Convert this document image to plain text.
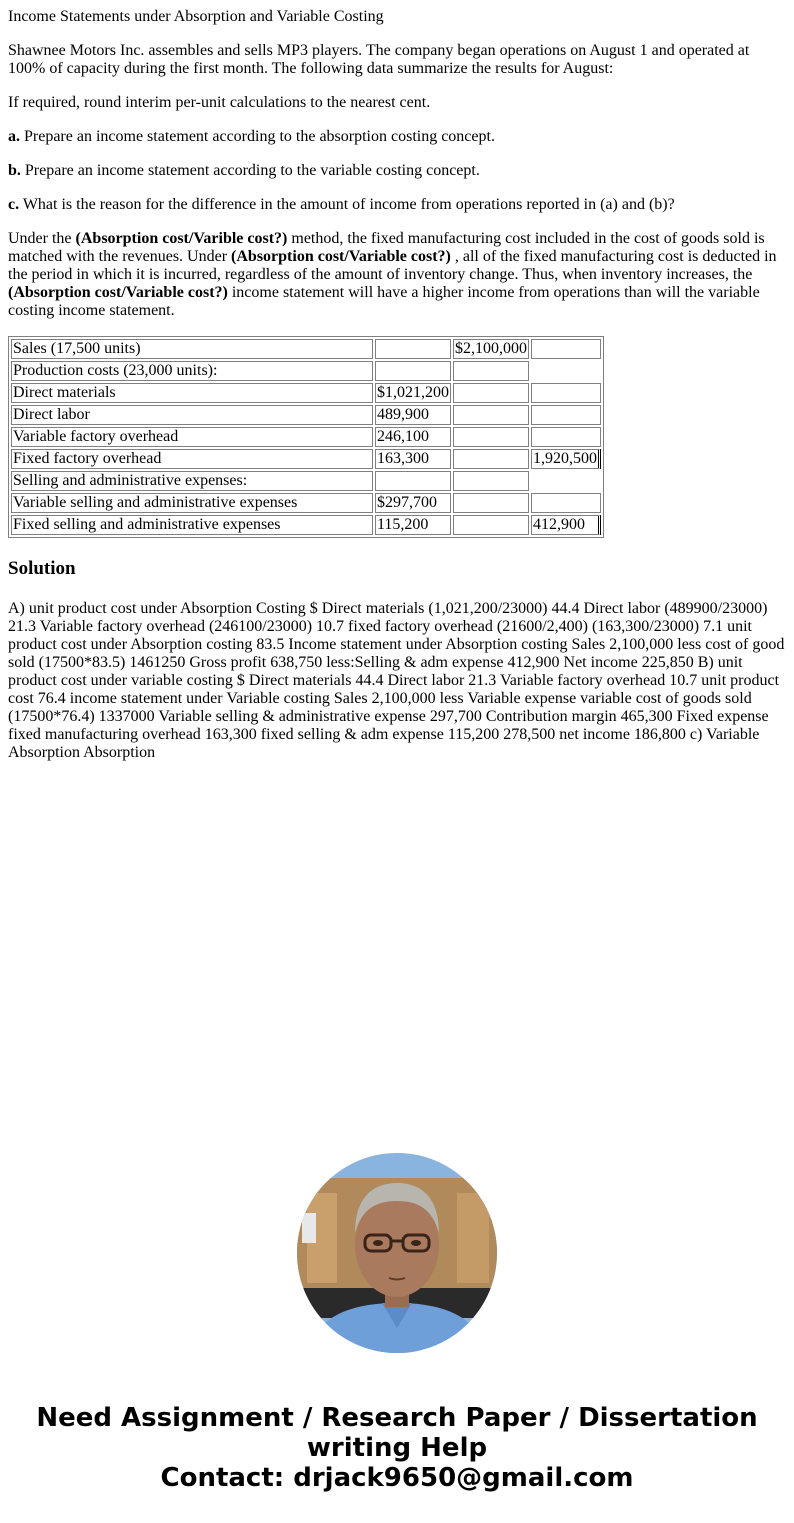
Income Statements under Absorption and Variable Costing

Shawnee Motors Inc. assembles and sells MP3 players. The company began operations on August 1 and operated at 100% of capacity during the first month. The following data summarize the results for August:

If required, round interim per-unit calculations to the nearest cent.

a. Prepare an income statement according to the absorption costing concept.

b. Prepare an income statement according to the variable costing concept.

c. What is the reason for the difference in the amount of income from operations reported in (a) and (b)?

Under the (Absorption cost/Varible cost?) method, the fixed manufacturing cost included in the cost of goods sold is matched with the revenues. Under (Absorption cost/Variable cost?) , all of the fixed manufacturing cost is deducted in the period in which it is incurred, regardless of the amount of inventory change. Thus, when inventory increases, the (Absorption cost/Variable cost?) income statement will have a higher income from operations than will the variable costing income statement.

Sales (17,500 units)		$2,100,000	
Production costs (23,000 units):			
Direct materials	$1,021,200		
Direct labor	489,900		
Variable factory overhead	246,100		
Fixed factory overhead	163,300		1,920,500
Selling and administrative expenses:			
Variable selling and administrative expenses	$297,700		
Fixed selling and administrative expenses	115,200		412,900
Solution

A) unit product cost under Absorption Costing $ Direct materials (1,021,200/23000) 44.4 Direct labor (489900/23000) 21.3 Variable factory overhead (246100/23000) 10.7 fixed factory overhead (21600/2,400) (163,300/23000) 7.1 unit product cost under Absorption costing 83.5 Income statement under Absorption costing Sales 2,100,000 less cost of good sold (17500*83.5) 1461250 Gross profit 638,750 less:Selling & adm expense 412,900 Net income 225,850 B) unit product cost under variable costing $ Direct materials 44.4 Direct labor 21.3 Variable factory overhead 10.7 unit product cost 76.4 income statement under Variable costing Sales 2,100,000 less Variable expense variable cost of goods sold (17500*76.4) 1337000 Variable selling & administrative expense 297,700 Contribution margin 465,300 Fixed expense fixed manufacturing overhead 163,300 fixed selling & adm expense 115,200 278,500 net income 186,800 c) Variable Absorption Absorption

Need Assignment / Research Paper / Dissertation
writing Help
Contact: drjack9650@gmail.com
